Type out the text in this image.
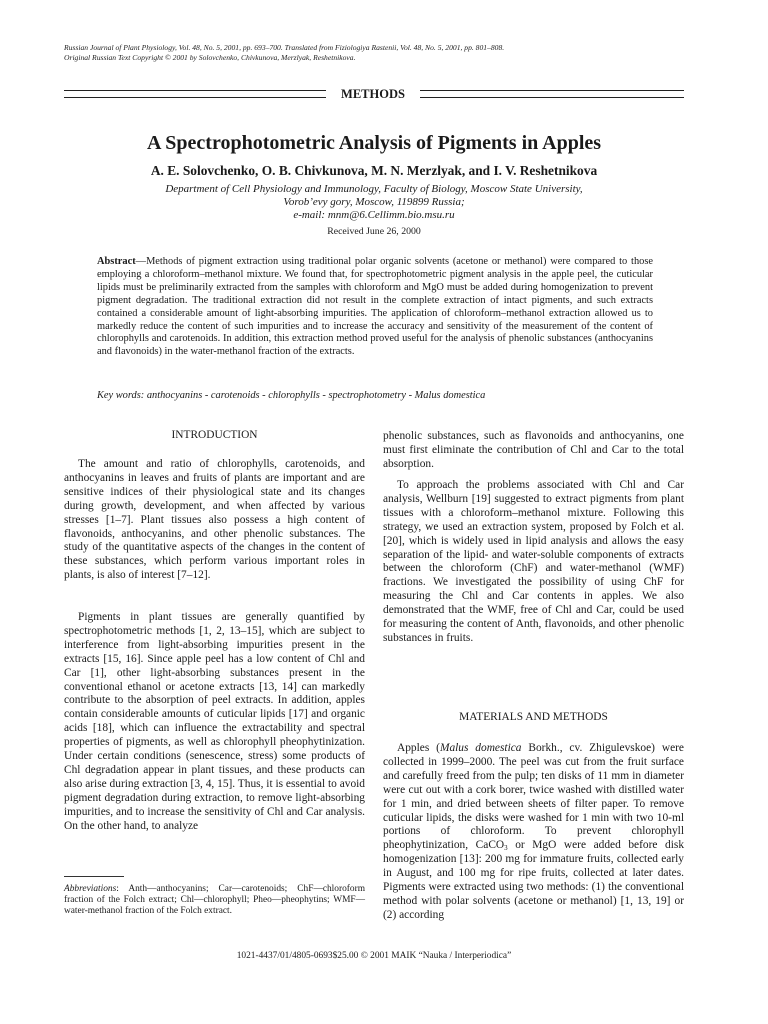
Russian Journal of Plant Physiology, Vol. 48, No. 5, 2001, pp. 693–700. Translated from Fiziologiya Rastenii, Vol. 48, No. 5, 2001, pp. 801–808.
Original Russian Text Copyright © 2001 by Solovchenko, Chivkunova, Merzlyak, Reshetnikova.
METHODS
A Spectrophotometric Analysis of Pigments in Apples
A. E. Solovchenko, O. B. Chivkunova, M. N. Merzlyak, and I. V. Reshetnikova
Department of Cell Physiology and Immunology, Faculty of Biology, Moscow State University,
Vorob’evy gory, Moscow, 119899 Russia;
e-mail: mnm@6.Cellimm.bio.msu.ru
Received June 26, 2000
Abstract—Methods of pigment extraction using traditional polar organic solvents (acetone or methanol) were compared to those employing a chloroform–methanol mixture. We found that, for spectrophotometric pigment analysis in the apple peel, the cuticular lipids must be preliminarily extracted from the samples with chloroform and MgO must be added during homogenization to prevent pigment degradation. The traditional extraction did not result in the complete extraction of intact pigments, and such extracts contained a considerable amount of light-absorbing impurities. The application of chloroform–methanol extraction allowed us to markedly reduce the content of such impurities and to increase the accuracy and sensitivity of the measurement of the content of chlorophylls and carotenoids. In addition, this extraction method proved useful for the analysis of phenolic substances (anthocyanins and flavonoids) in the water-methanol fraction of the extracts.
Key words: anthocyanins - carotenoids - chlorophylls - spectrophotometry - Malus domestica
INTRODUCTION
The amount and ratio of chlorophylls, carotenoids, and anthocyanins in leaves and fruits of plants are important and are sensitive indices of their physiological state and its changes during growth, development, and when affected by various stresses [1–7]. Plant tissues also possess a high content of flavonoids, anthocyanins, and other phenolic substances. The study of the quantitative aspects of the changes in the content of these substances, which perform various important roles in plants, is also of interest [7–12].
Pigments in plant tissues are generally quantified by spectrophotometric methods [1, 2, 13–15], which are subject to interference from light-absorbing impurities present in the extracts [15, 16]. Since apple peel has a low content of Chl and Car [1], other light-absorbing substances present in the conventional ethanol or acetone extracts [13, 14] can markedly contribute to the absorption of peel extracts. In addition, apples contain considerable amounts of cuticular lipids [17] and organic acids [18], which can influence the extractability and spectral properties of pigments, as well as chlorophyll pheophytinization. Under certain conditions (senescence, stress) some products of Chl degradation appear in plant tissues, and these products can also arise during extraction [3, 4, 15]. Thus, it is essential to avoid pigment degradation during extraction, to remove light-absorbing impurities, and to increase the sensitivity of Chl and Car analysis. On the other hand, to analyze
Abbreviations: Anth—anthocyanins; Car—carotenoids; ChF—chloroform fraction of the Folch extract; Chl—chlorophyll; Pheo—pheophytins; WMF—water-methanol fraction of the Folch extract.
phenolic substances, such as flavonoids and anthocyanins, one must first eliminate the contribution of Chl and Car to the total absorption.
To approach the problems associated with Chl and Car analysis, Wellburn [19] suggested to extract pigments from plant tissues with a chloroform–methanol mixture. Following this strategy, we used an extraction system, proposed by Folch et al. [20], which is widely used in lipid analysis and allows the easy separation of the lipid- and water-soluble components of extracts between the chloroform (ChF) and water-methanol (WMF) fractions. We investigated the possibility of using ChF for measuring the Chl and Car contents in apples. We also demonstrated that the WMF, free of Chl and Car, could be used for measuring the content of Anth, flavonoids, and other phenolic substances in fruits.
MATERIALS AND METHODS
Apples (Malus domestica Borkh., cv. Zhigulevskoe) were collected in 1999–2000. The peel was cut from the fruit surface and carefully freed from the pulp; ten disks of 11 mm in diameter were cut out with a cork borer, twice washed with distilled water for 1 min, and dried between sheets of filter paper. To remove cuticular lipids, the disks were washed for 1 min with two 10-ml portions of chloroform. To prevent chlorophyll pheophytinization, CaCO$_3$ or MgO were added before disk homogenization [13]: 200 mg for immature fruits, collected early in August, and 100 mg for ripe fruits, collected at later dates. Pigments were extracted using two methods: (1) the conventional method with polar solvents (acetone or methanol) [1, 13, 19] or (2) according
1021-4437/01/4805-0693$25.00 © 2001 MAIK “Nauka / Interperiodica”
